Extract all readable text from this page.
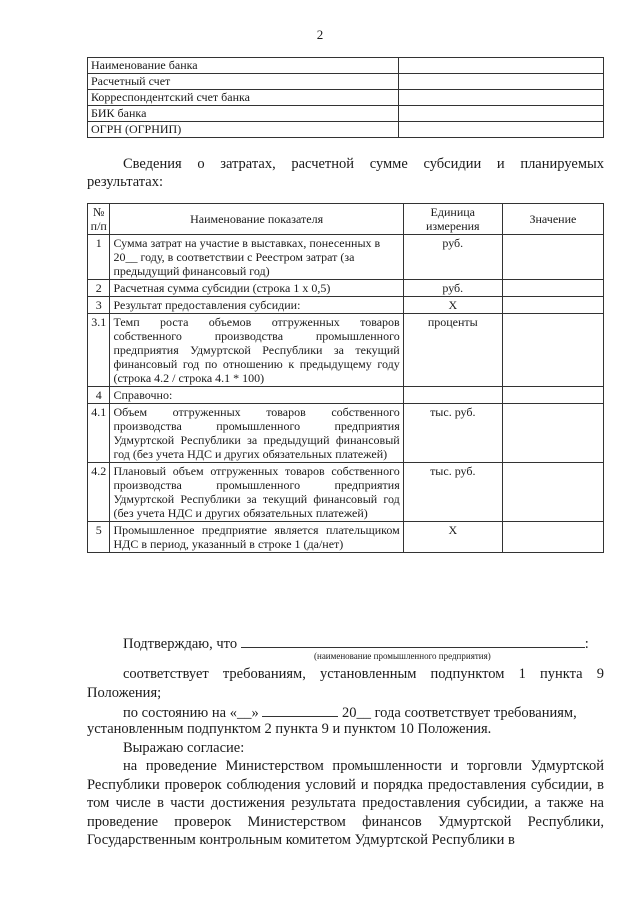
2
Наименование банка	
Расчетный счет	
Корреспондентский счет банка	
БИК банка	
ОГРН (ОГРНИП)	
Сведения о затратах, расчетной сумме субсидии и планируемых
результатах:
№ п/п	Наименование показателя	Единица измерения	Значение
1	Сумма затрат на участие в выставках, понесенных в 20__ году, в соответствии с Реестром затрат (за предыдущий финансовый год)	руб.	
2	Расчетная сумма субсидии (строка 1 x 0,5)	руб.	
3	Результат предоставления субсидии:	X	
3.1	Темп роста объемов отгруженных товаров собственного производства промышленного предприятия Удмуртской Республики за текущий финансовый год по отношению к предыдущему году (строка 4.2 / строка 4.1 * 100)	проценты	
4	Справочно:		
4.1	Объем отгруженных товаров собственного производства промышленного предприятия Удмуртской Республики за предыдущий финансовый год (без учета НДС и других обязательных платежей)	тыс. руб.	
4.2	Плановый объем отгруженных товаров собственного производства промышленного предприятия Удмуртской Республики за текущий финансовый год (без учета НДС и других обязательных платежей)	тыс. руб.	
5	Промышленное предприятие является плательщиком НДС в период, указанный в строке 1 (да/нет)	X	
Подтверждаю, что	:
(наименование промышленного предприятия)
соответствует требованиям, установленным подпунктом 1 пункта 9 Положения;
по состоянию на «__»	20__ года соответствует требованиям,
установленным подпунктом 2 пункта 9 и пунктом 10 Положения.
Выражаю согласие:
на проведение Министерством промышленности и торговли Удмуртской Республики проверок соблюдения условий и порядка предоставления субсидии, в том числе в части достижения результата предоставления субсидии, а также на проведение проверок Министерством финансов Удмуртской Республики, Государственным контрольным комитетом Удмуртской Республики в
